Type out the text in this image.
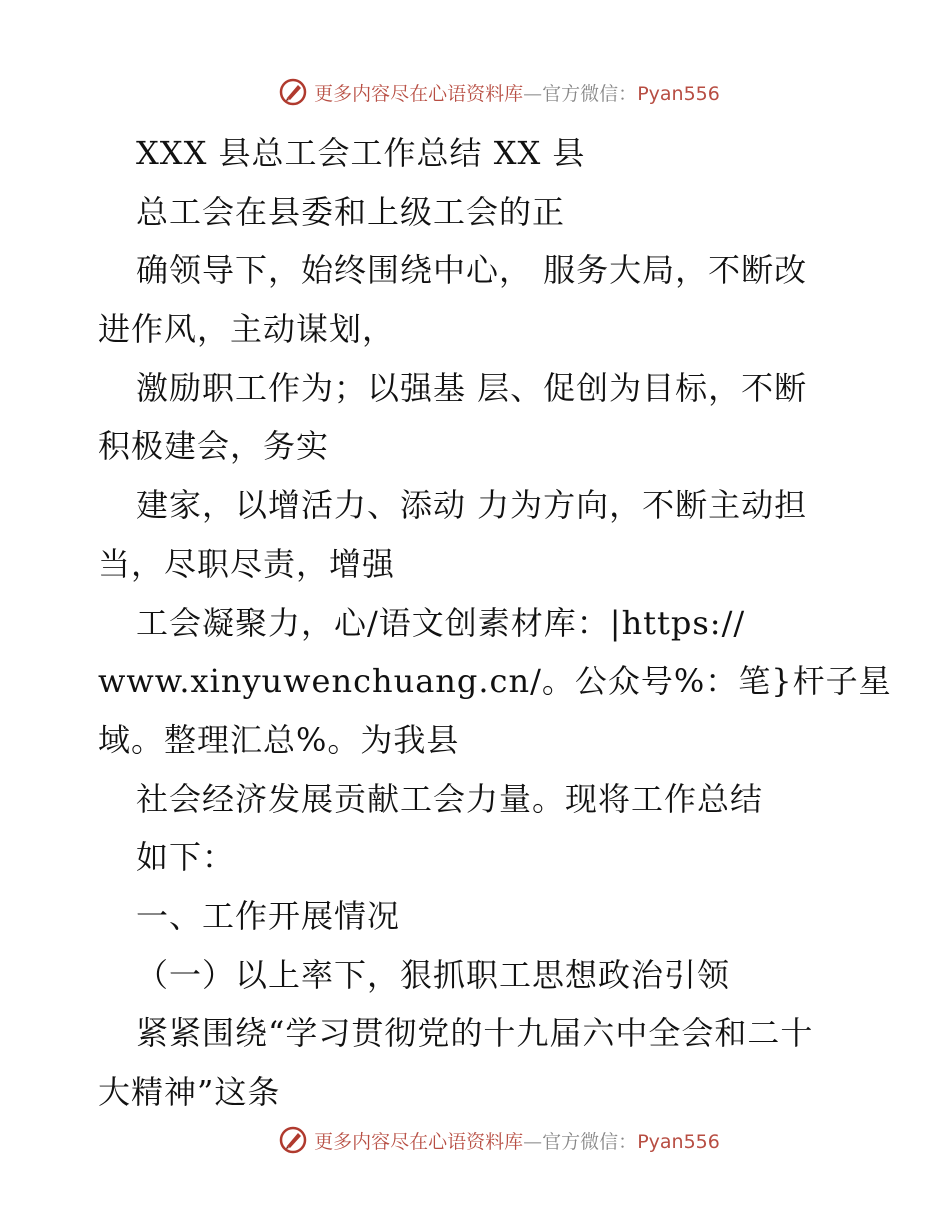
更多内容尽在心语资料库—官方微信：Pyan556
XXX 县总工会工作总结 XX 县
总工会在县委和上级工会的正
确领导下，始终围绕中心， 服务大局，不断改
进作风，主动谋划，
激励职工作为；以强基 层、促创为目标，不断
积极建会，务实
建家，以增活力、添动 力为方向，不断主动担
当，尽职尽责，增强
工会凝聚力，心/语文创素材库：|https://
www.xinyuwenchuang.cn/。公众号%：笔}杆子星
域。整理汇总%。为我县
社会经济发展贡献工会力量。现将工作总结
如下：
一、工作开展情况
（一）以上率下，狠抓职工思想政治引领
紧紧围绕“学习贯彻党的十九届六中全会和二十
大精神”这条
更多内容尽在心语资料库—官方微信：Pyan556
